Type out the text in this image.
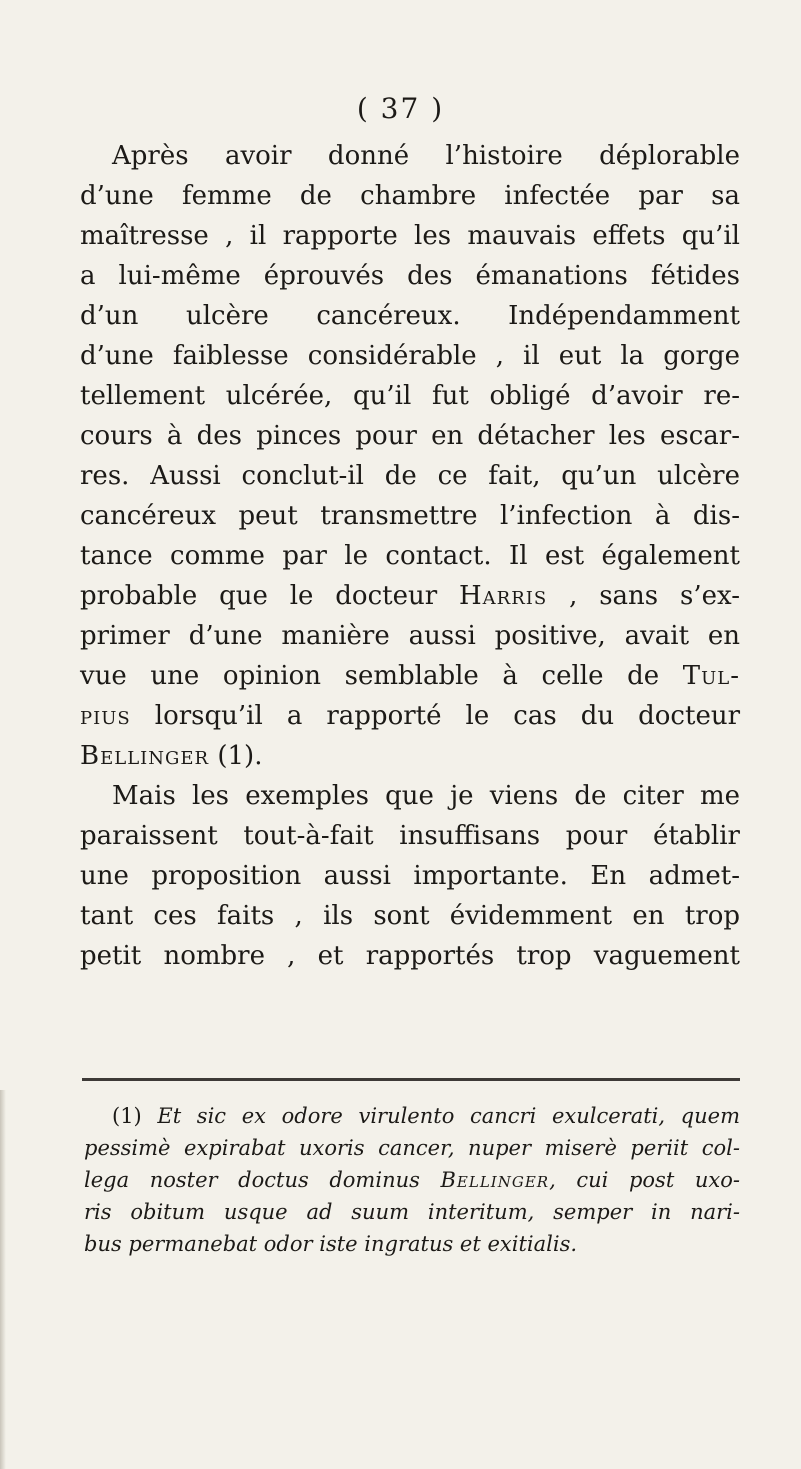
( 37 )
Après avoir donné l’histoire déplorable
d’une femme de chambre infectée par sa
maîtresse , il rapporte les mauvais effets qu’il
a lui-même éprouvés des émanations fétides
d’un ulcère cancéreux. Indépendamment
d’une faiblesse considérable , il eut la gorge
tellement ulcérée, qu’il fut obligé d’avoir re-
cours à des pinces pour en détacher les escar-
res. Aussi conclut-il de ce fait, qu’un ulcère
cancéreux peut transmettre l’infection à dis-
tance comme par le contact. Il est également
probable que le docteur Harris , sans s’ex-
primer d’une manière aussi positive, avait en
vue une opinion semblable à celle de Tul-
pius lorsqu’il a rapporté le cas du docteur
Bellinger (1).
Mais les exemples que je viens de citer me
paraissent tout-à-fait insuffisans pour établir
une proposition aussi importante. En admet-
tant ces faits , ils sont évidemment en trop
petit nombre , et rapportés trop vaguement
(1) Et sic ex odore virulento cancri exulcerati, quem
pessimè expirabat uxoris cancer, nuper miserè periit col-
lega noster doctus dominus Bellinger, cui post uxo-
ris obitum usque ad suum interitum, semper in nari-
bus permanebat odor iste ingratus et exitialis.
